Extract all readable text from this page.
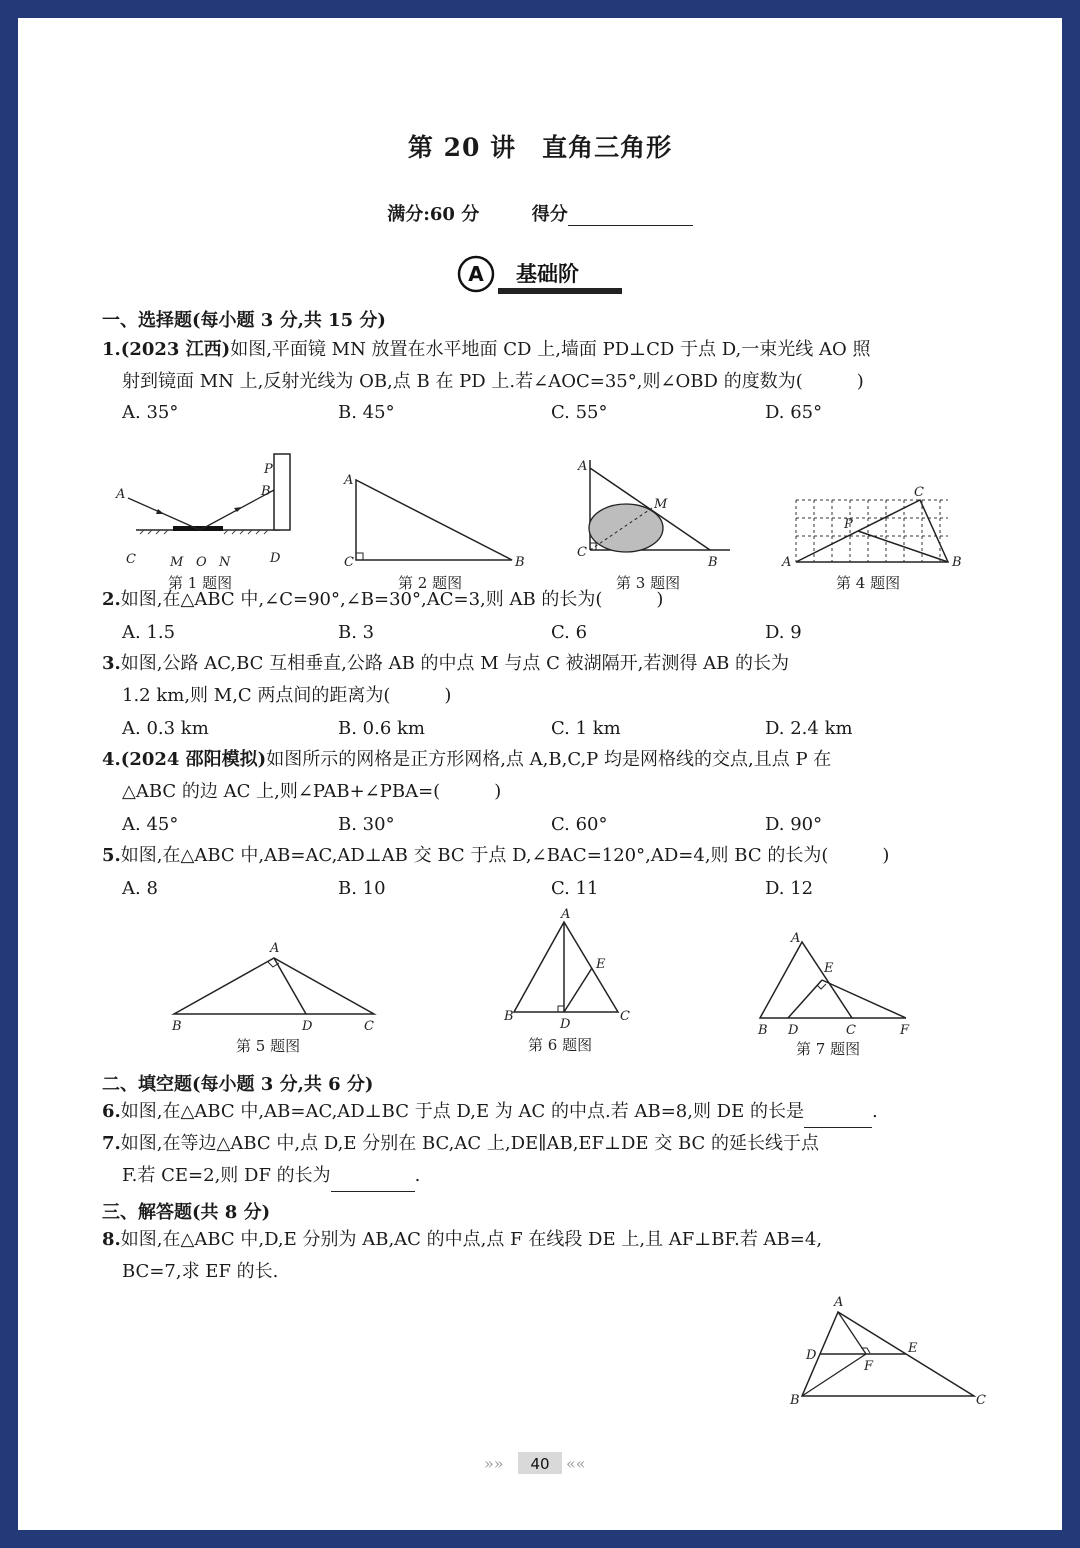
第 20 讲　直角三角形
满分:60 分	得分
A 基础阶
一、选择题(每小题 3 分,共 15 分)
1.(2023 江西)如图,平面镜 MN 放置在水平地面 CD 上,墙面 PD⊥CD 于点 D,一束光线 AO 照
射到镜面 MN 上,反射光线为 OB,点 B 在 PD 上.若∠AOC=35°,则∠OBD 的度数为(　　　)
A. 35°	B. 45°	C. 55°	D. 65°
A
P
B
C	M O N	D
第 1 题图
A
C	B
第 2 题图
A
M
C
B
第 3 题图
C
P
A	B
第 4 题图
2.如图,在△ABC 中,∠C=90°,∠B=30°,AC=3,则 AB 的长为(　　　)
A. 1.5	B. 3	C. 6	D. 9
3.如图,公路 AC,BC 互相垂直,公路 AB 的中点 M 与点 C 被湖隔开,若测得 AB 的长为
1.2 km,则 M,C 两点间的距离为(　　　)
A. 0.3 km	B. 0.6 km	C. 1 km	D. 2.4 km
4.(2024 邵阳模拟)如图所示的网格是正方形网格,点 A,B,C,P 均是网格线的交点,且点 P 在
△ABC 的边 AC 上,则∠PAB+∠PBA=(　　　)
A. 45°	B. 30°	C. 60°	D. 90°
5.如图,在△ABC 中,AB=AC,AD⊥AB 交 BC 于点 D,∠BAC=120°,AD=4,则 BC 的长为(　　　)
A. 8	B. 10	C. 11	D. 12
A
B	D	C
第 5 题图
A
E
B
D
C
第 6 题图
A
E
B D	C	F
第 7 题图
二、填空题(每小题 3 分,共 6 分)
6.如图,在△ABC 中,AB=AC,AD⊥BC 于点 D,E 为 AC 的中点.若 AB=8,则 DE 的长是	.
7.如图,在等边△ABC 中,点 D,E 分别在 BC,AC 上,DE∥AB,EF⊥DE 交 BC 的延长线于点
F.若 CE=2,则 DF 的长为	.
三、解答题(共 8 分)
8.如图,在△ABC 中,D,E 分别为 AB,AC 的中点,点 F 在线段 DE 上,且 AF⊥BF.若 AB=4,
BC=7,求 EF 的长.
A
D
F
E
B	C
»» 40 ««
